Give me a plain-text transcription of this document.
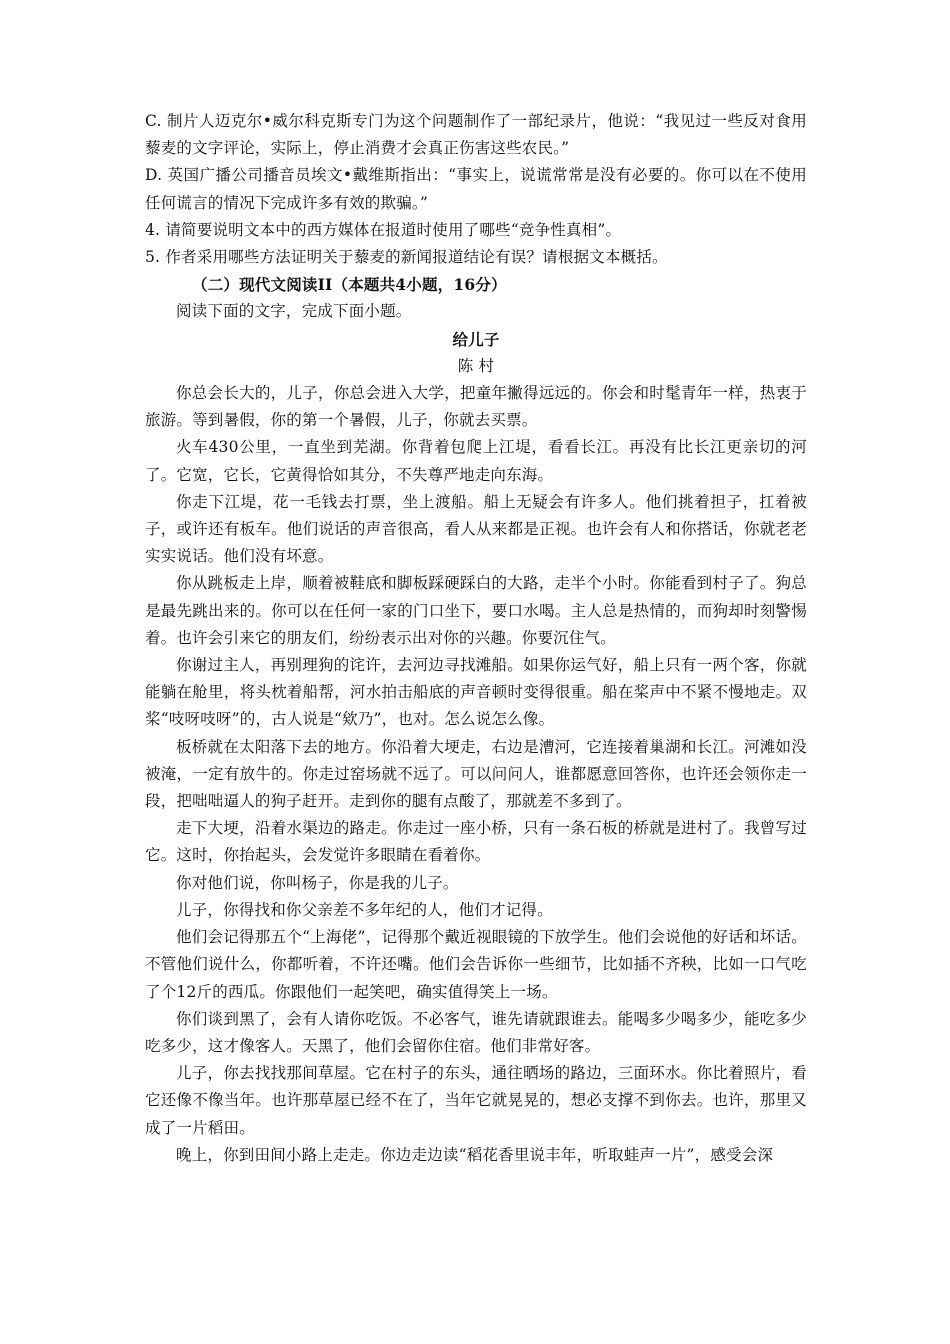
C. 制片人迈克尔•威尔科克斯专门为这个问题制作了一部纪录片，他说：“我见过一些反对食用藜麦的文字评论，实际上，停止消费才会真正伤害这些农民。”

D. 英国广播公司播音员埃文•戴维斯指出：“事实上，说谎常常是没有必要的。你可以在不使用任何谎言的情况下完成许多有效的欺骗。”

4. 请简要说明文本中的西方媒体在报道时使用了哪些“竞争性真相”。

5. 作者采用哪些方法证明关于藜麦的新闻报道结论有误？请根据文本概括。

（二）现代文阅读II（本题共4小题，16分）

阅读下面的文字，完成下面小题。

给儿子

陈 村

你总会长大的，儿子，你总会进入大学，把童年撇得远远的。你会和时髦青年一样，热衷于旅游。等到暑假，你的第一个暑假，儿子，你就去买票。

火车430公里，一直坐到芜湖。你背着包爬上江堤，看看长江。再没有比长江更亲切的河了。它宽，它长，它黄得恰如其分，不失尊严地走向东海。

你走下江堤，花一毛钱去打票，坐上渡船。船上无疑会有许多人。他们挑着担子，扛着被子，或许还有板车。他们说话的声音很高，看人从来都是正视。也许会有人和你搭话，你就老老实实说话。他们没有坏意。

你从跳板走上岸，顺着被鞋底和脚板踩硬踩白的大路，走半个小时。你能看到村子了。狗总是最先跳出来的。你可以在任何一家的门口坐下，要口水喝。主人总是热情的，而狗却时刻警惕着。也许会引来它的朋友们，纷纷表示出对你的兴趣。你要沉住气。

你谢过主人，再别理狗的诧许，去河边寻找滩船。如果你运气好，船上只有一两个客，你就能躺在舱里，将头枕着船帮，河水拍击船底的声音顿时变得很重。船在桨声中不紧不慢地走。双桨“吱呀吱呀”的，古人说是“欸乃”，也对。怎么说怎么像。

板桥就在太阳落下去的地方。你沿着大埂走，右边是漕河，它连接着巢湖和长江。河滩如没被淹，一定有放牛的。你走过窑场就不远了。可以问问人，谁都愿意回答你，也许还会领你走一段，把咄咄逼人的狗子赶开。走到你的腿有点酸了，那就差不多到了。

走下大埂，沿着水渠边的路走。你走过一座小桥，只有一条石板的桥就是进村了。我曾写过它。这时，你抬起头，会发觉许多眼睛在看着你。

你对他们说，你叫杨子，你是我的儿子。

儿子，你得找和你父亲差不多年纪的人，他们才记得。

他们会记得那五个“上海佬”，记得那个戴近视眼镜的下放学生。他们会说他的好话和坏话。不管他们说什么，你都听着，不许还嘴。他们会告诉你一些细节，比如插不齐秧，比如一口气吃了个12斤的西瓜。你跟他们一起笑吧，确实值得笑上一场。

你们谈到黑了，会有人请你吃饭。不必客气，谁先请就跟谁去。能喝多少喝多少，能吃多少吃多少，这才像客人。天黑了，他们会留你住宿。他们非常好客。

儿子，你去找找那间草屋。它在村子的东头，通往晒场的路边，三面环水。你比着照片，看它还像不像当年。也许那草屋已经不在了，当年它就晃晃的，想必支撑不到你去。也许，那里又成了一片稻田。

晚上，你到田间小路上走走。你边走边读“稻花香里说丰年，听取蛙声一片”，感受会深
